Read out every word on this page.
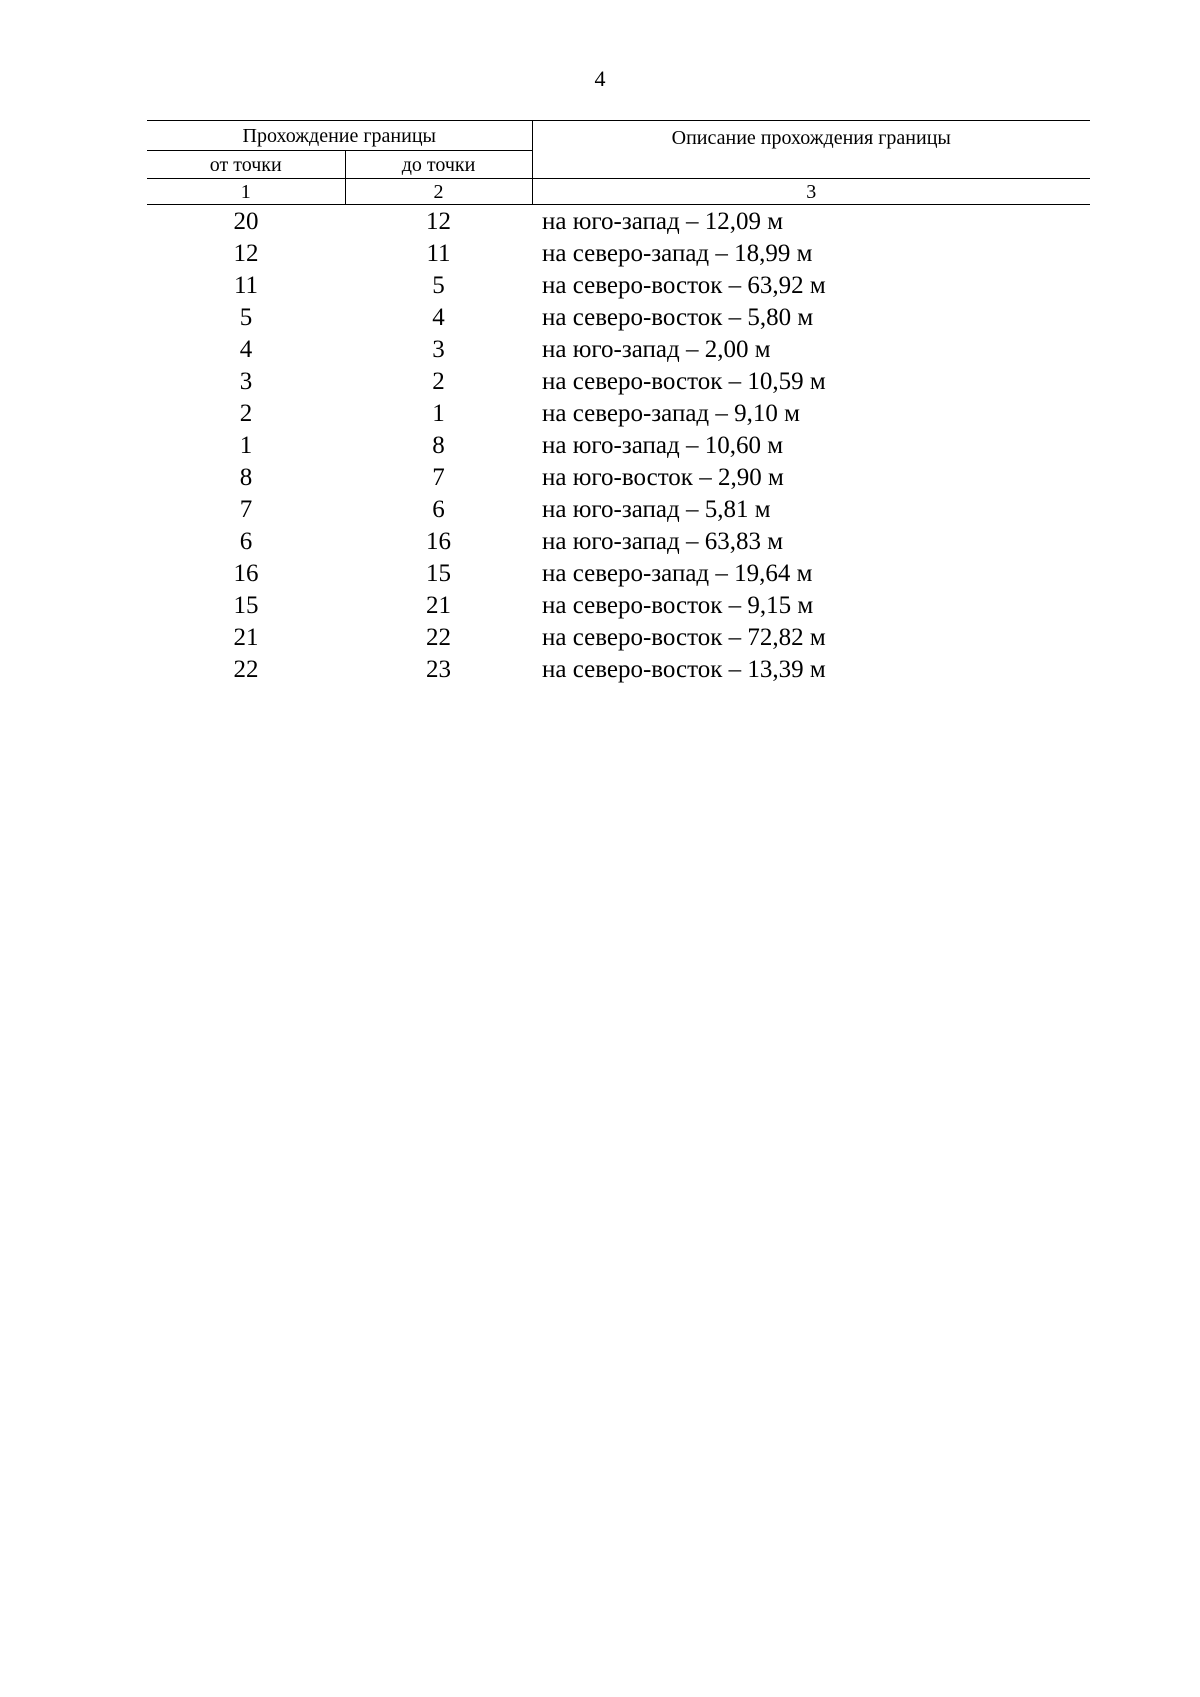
4
Прохождение границы		Описание прохождения границы
от точки	до точки	
1	2	3
20	12	на юго-запад – 12,09 м
12	11	на северо-запад – 18,99 м
11	5	на северо-восток – 63,92 м
5	4	на северо-восток – 5,80 м
4	3	на юго-запад – 2,00 м
3	2	на северо-восток – 10,59 м
2	1	на северо-запад – 9,10 м
1	8	на юго-запад – 10,60 м
8	7	на юго-восток – 2,90 м
7	6	на юго-запад – 5,81 м
6	16	на юго-запад – 63,83 м
16	15	на северо-запад – 19,64 м
15	21	на северо-восток – 9,15 м
21	22	на северо-восток – 72,82 м
22	23	на северо-восток – 13,39 м
